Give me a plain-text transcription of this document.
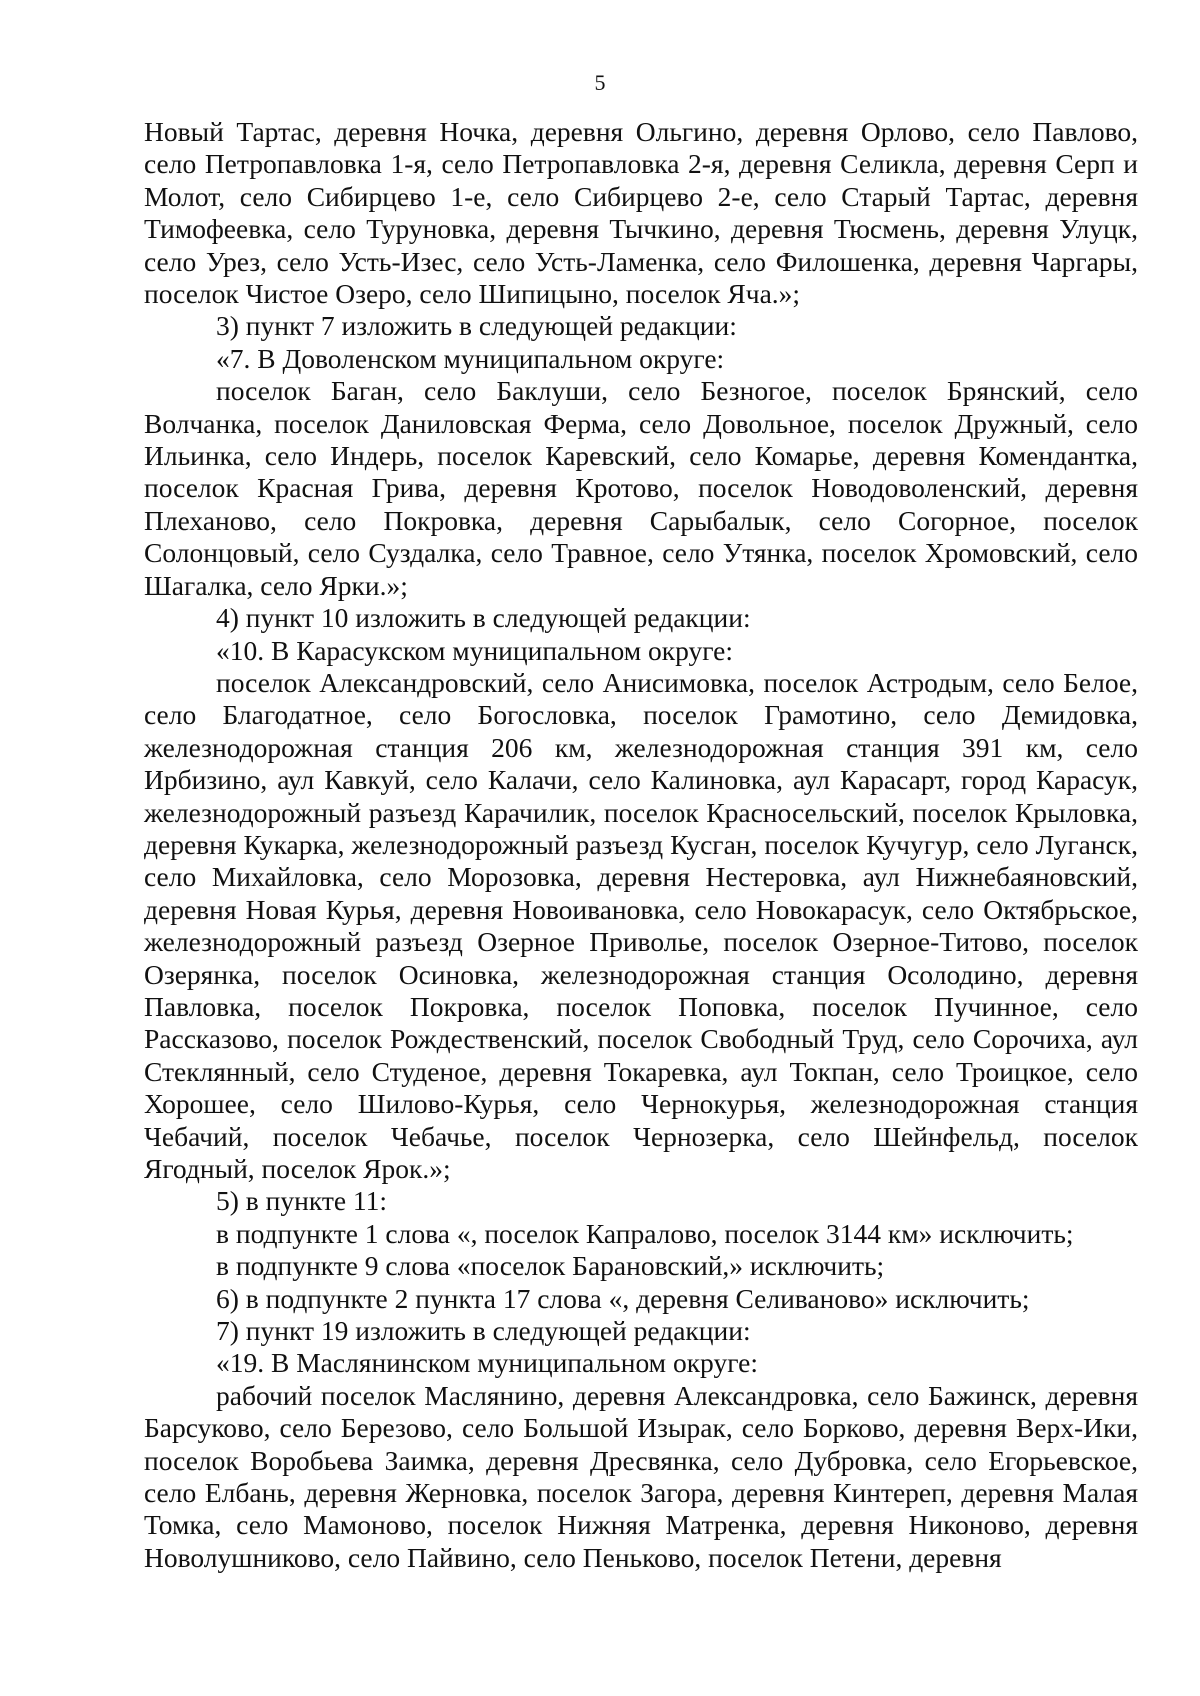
5

Новый Тартас, деревня Ночка, деревня Ольгино, деревня Орлово, село Павлово, село Петропавловка 1-я, село Петропавловка 2-я, деревня Селикла, деревня Серп и Молот, село Сибирцево 1-е, село Сибирцево 2-е, село Старый Тартас, деревня Тимофеевка, село Туруновка, деревня Тычкино, деревня Тюсмень, деревня Улуцк, село Урез, село Усть-Изес, село Усть-Ламенка, село Филошенка, деревня Чаргары, поселок Чистое Озеро, село Шипицыно, поселок Яча.»;

3) пункт 7 изложить в следующей редакции:

«7. В Доволенском муниципальном округе:

поселок Баган, село Баклуши, село Безногое, поселок Брянский, село Волчанка, поселок Даниловская Ферма, село Довольное, поселок Дружный, село Ильинка, село Индерь, поселок Каревский, село Комарье, деревня Комендантка, поселок Красная Грива, деревня Кротово, поселок Новодоволенский, деревня Плеханово, село Покровка, деревня Сарыбалык, село Согорное, поселок Солонцовый, село Суздалка, село Травное, село Утянка, поселок Хромовский, село Шагалка, село Ярки.»;

4) пункт 10 изложить в следующей редакции:

«10. В Карасукском муниципальном округе:

поселок Александровский, село Анисимовка, поселок Астродым, село Белое, село Благодатное, село Богословка, поселок Грамотино, село Демидовка, железнодорожная станция 206 км, железнодорожная станция 391 км, село Ирбизино, аул Кавкуй, село Калачи, село Калиновка, аул Карасарт, город Карасук, железнодорожный разъезд Карачилик, поселок Красносельский, поселок Крыловка, деревня Кукарка, железнодорожный разъезд Кусган, поселок Кучугур, село Луганск, село Михайловка, село Морозовка, деревня Нестеровка, аул Нижнебаяновский, деревня Новая Курья, деревня Новоивановка, село Новокарасук, село Октябрьское, железнодорожный разъезд Озерное Приволье, поселок Озерное-Титово, поселок Озерянка, поселок Осиновка, железнодорожная станция Осолодино, деревня Павловка, поселок Покровка, поселок Поповка, поселок Пучинное, село Рассказово, поселок Рождественский, поселок Свободный Труд, село Сорочиха, аул Стеклянный, село Студеное, деревня Токаревка, аул Токпан, село Троицкое, село Хорошее, село Шилово-Курья, село Чернокурья, железнодорожная станция Чебачий, поселок Чебачье, поселок Чернозерка, село Шейнфельд, поселок Ягодный, поселок Ярок.»;

5) в пункте 11:

в подпункте 1 слова «, поселок Капралово, поселок 3144 км» исключить;

в подпункте 9 слова «поселок Барановский,» исключить;

6) в подпункте 2 пункта 17 слова «, деревня Селиваново» исключить;

7) пункт 19 изложить в следующей редакции:

«19. В Маслянинском муниципальном округе:

рабочий поселок Маслянино, деревня Александровка, село Бажинск, деревня Барсуково, село Березово, село Большой Изырак, село Борково, деревня Верх-Ики, поселок Воробьева Заимка, деревня Дресвянка, село Дубровка, село Егорьевское, село Елбань, деревня Жерновка, поселок Загора, деревня Кинтереп, деревня Малая Томка, село Мамоново, поселок Нижняя Матренка, деревня Никоново, деревня Новолушниково, село Пайвино, село Пеньково, поселок Петени, деревня
